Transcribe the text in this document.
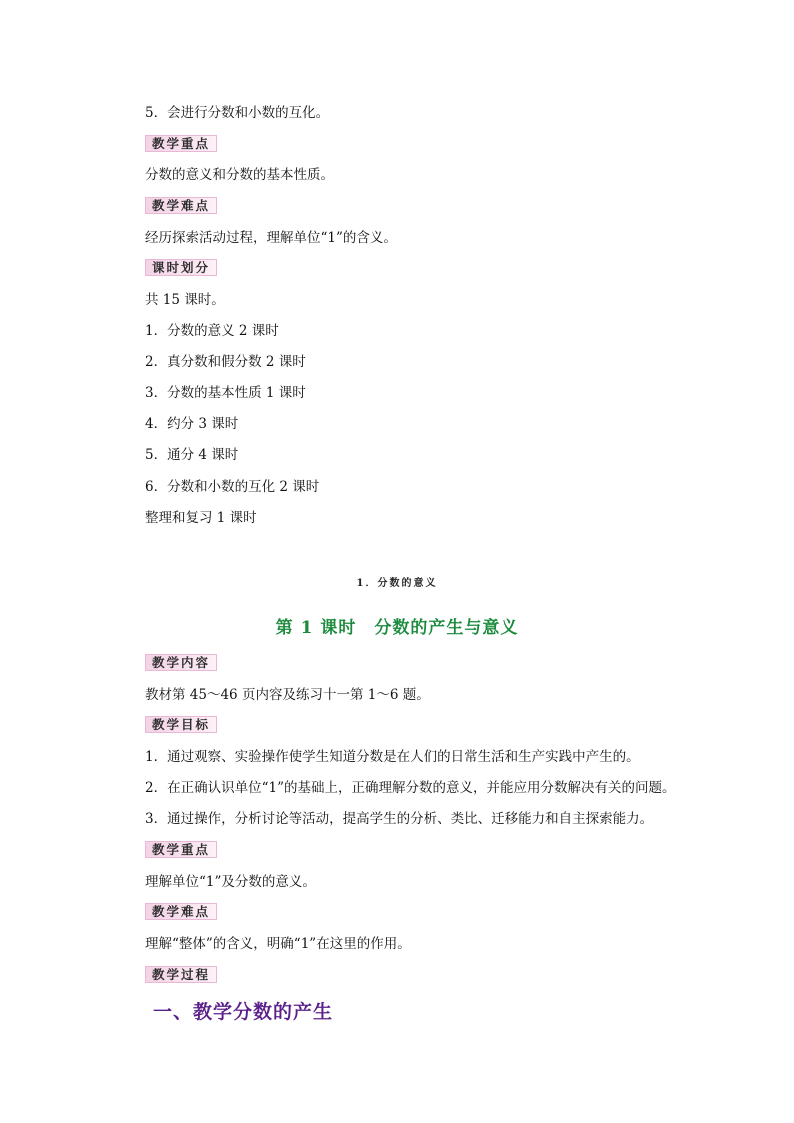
5．会进行分数和小数的互化。
教学重点
分数的意义和分数的基本性质。
教学难点
经历探索活动过程，理解单位“1”的含义。
课时划分
共 15 课时。
1．分数的意义 2 课时
2．真分数和假分数 2 课时
3．分数的基本性质 1 课时
4．约分 3 课时
5．通分 4 课时
6．分数和小数的互化 2 课时
整理和复习 1 课时
1．分数的意义
第 1 课时　分数的产生与意义
教学内容
教材第 45～46 页内容及练习十一第 1～6 题。
教学目标
1．通过观察、实验操作使学生知道分数是在人们的日常生活和生产实践中产生的。
2．在正确认识单位“1”的基础上，正确理解分数的意义，并能应用分数解决有关的问题。
3．通过操作，分析讨论等活动，提高学生的分析、类比、迁移能力和自主探索能力。
教学重点
理解单位“1”及分数的意义。
教学难点
理解“整体”的含义，明确“1”在这里的作用。
教学过程
一、教学分数的产生
